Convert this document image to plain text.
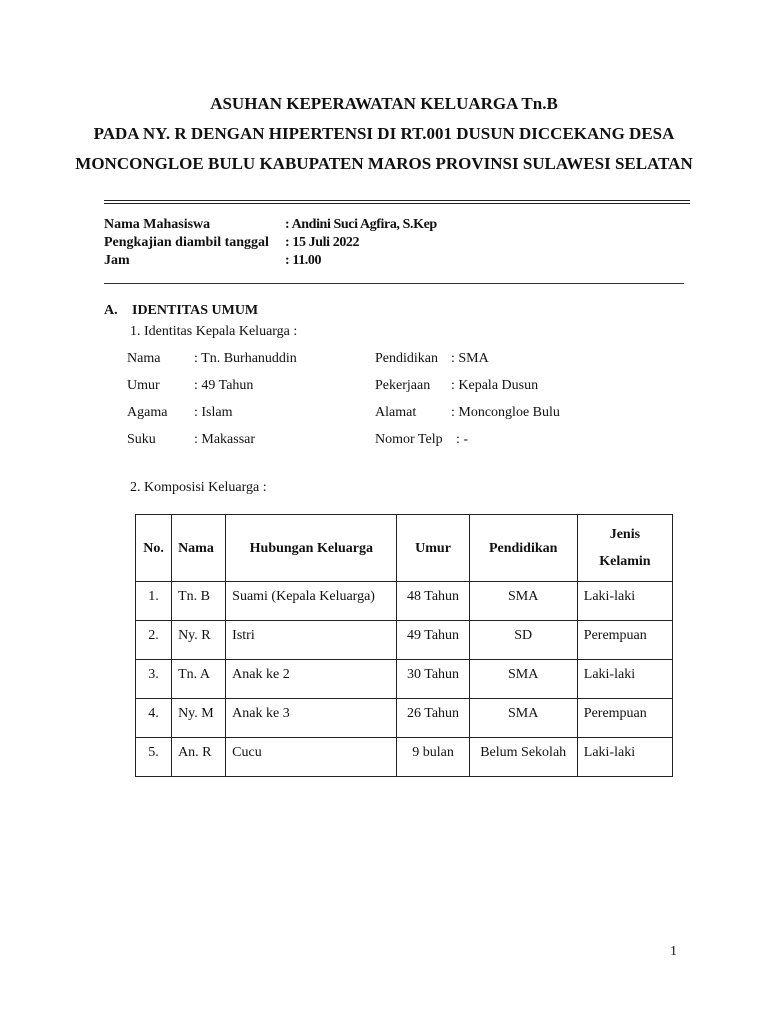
ASUHAN KEPERAWATAN KELUARGA Tn.B
PADA NY. R DENGAN HIPERTENSI DI RT.001 DUSUN DICCEKANG DESA
MONCONGLOE BULU KABUPATEN MAROS PROVINSI SULAWESI SELATAN
Nama Mahasiswa	: Andini Suci Agfira, S.Kep
Pengkajian diambil tanggal : 15 Juli 2022
Jam	: 11.00
A. IDENTITAS UMUM
1. Identitas Kepala Keluarga :
Nama : Tn. Burhanuddin
Umur : 49 Tahun
Agama : Islam
Suku	: Makassar
Pendidikan : SMA
Pekerjaan : Kepala Dusun
Alamat : Moncongloe Bulu
Nomor Telp : -
2. Komposisi Keluarga :
No.	Nama	Hubungan Keluarga	Umur	Pendidikan	Jenis
Kelamin
1.	Tn. B	Suami (Kepala Keluarga)	48 Tahun	SMA	Laki-laki
2.	Ny. R	Istri	49 Tahun	SD	Perempuan
3.	Tn. A	Anak ke 2	30 Tahun	SMA	Laki-laki
4.	Ny. M	Anak ke 3	26 Tahun	SMA	Perempuan
5.	An. R	Cucu	9 bulan	Belum Sekolah	Laki-laki
1
